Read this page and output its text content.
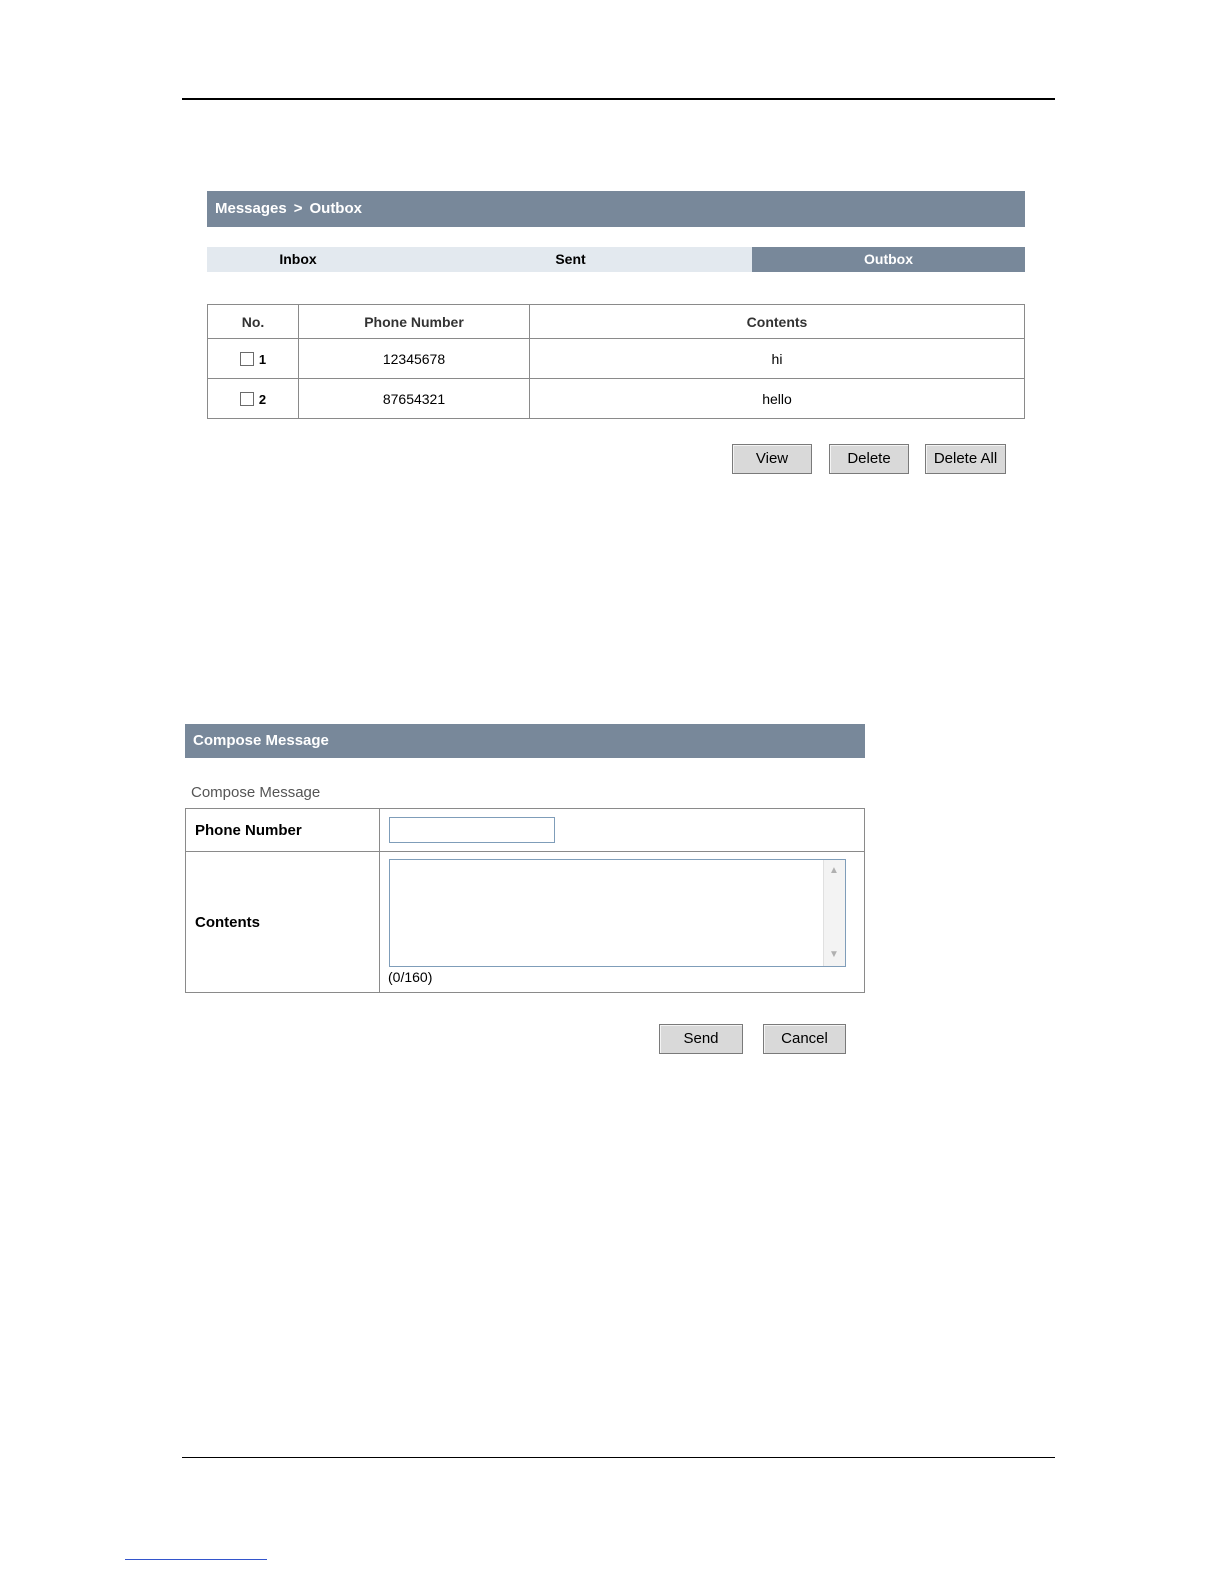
Messages > Outbox
Inbox	Sent	Outbox
No.	Phone Number	Contents
1	12345678	hi
2	87654321	hello
View	Delete	Delete All
Compose Message
Compose Message
Phone Number	

Contents	▲
▼
(0/160)
Send	Cancel
